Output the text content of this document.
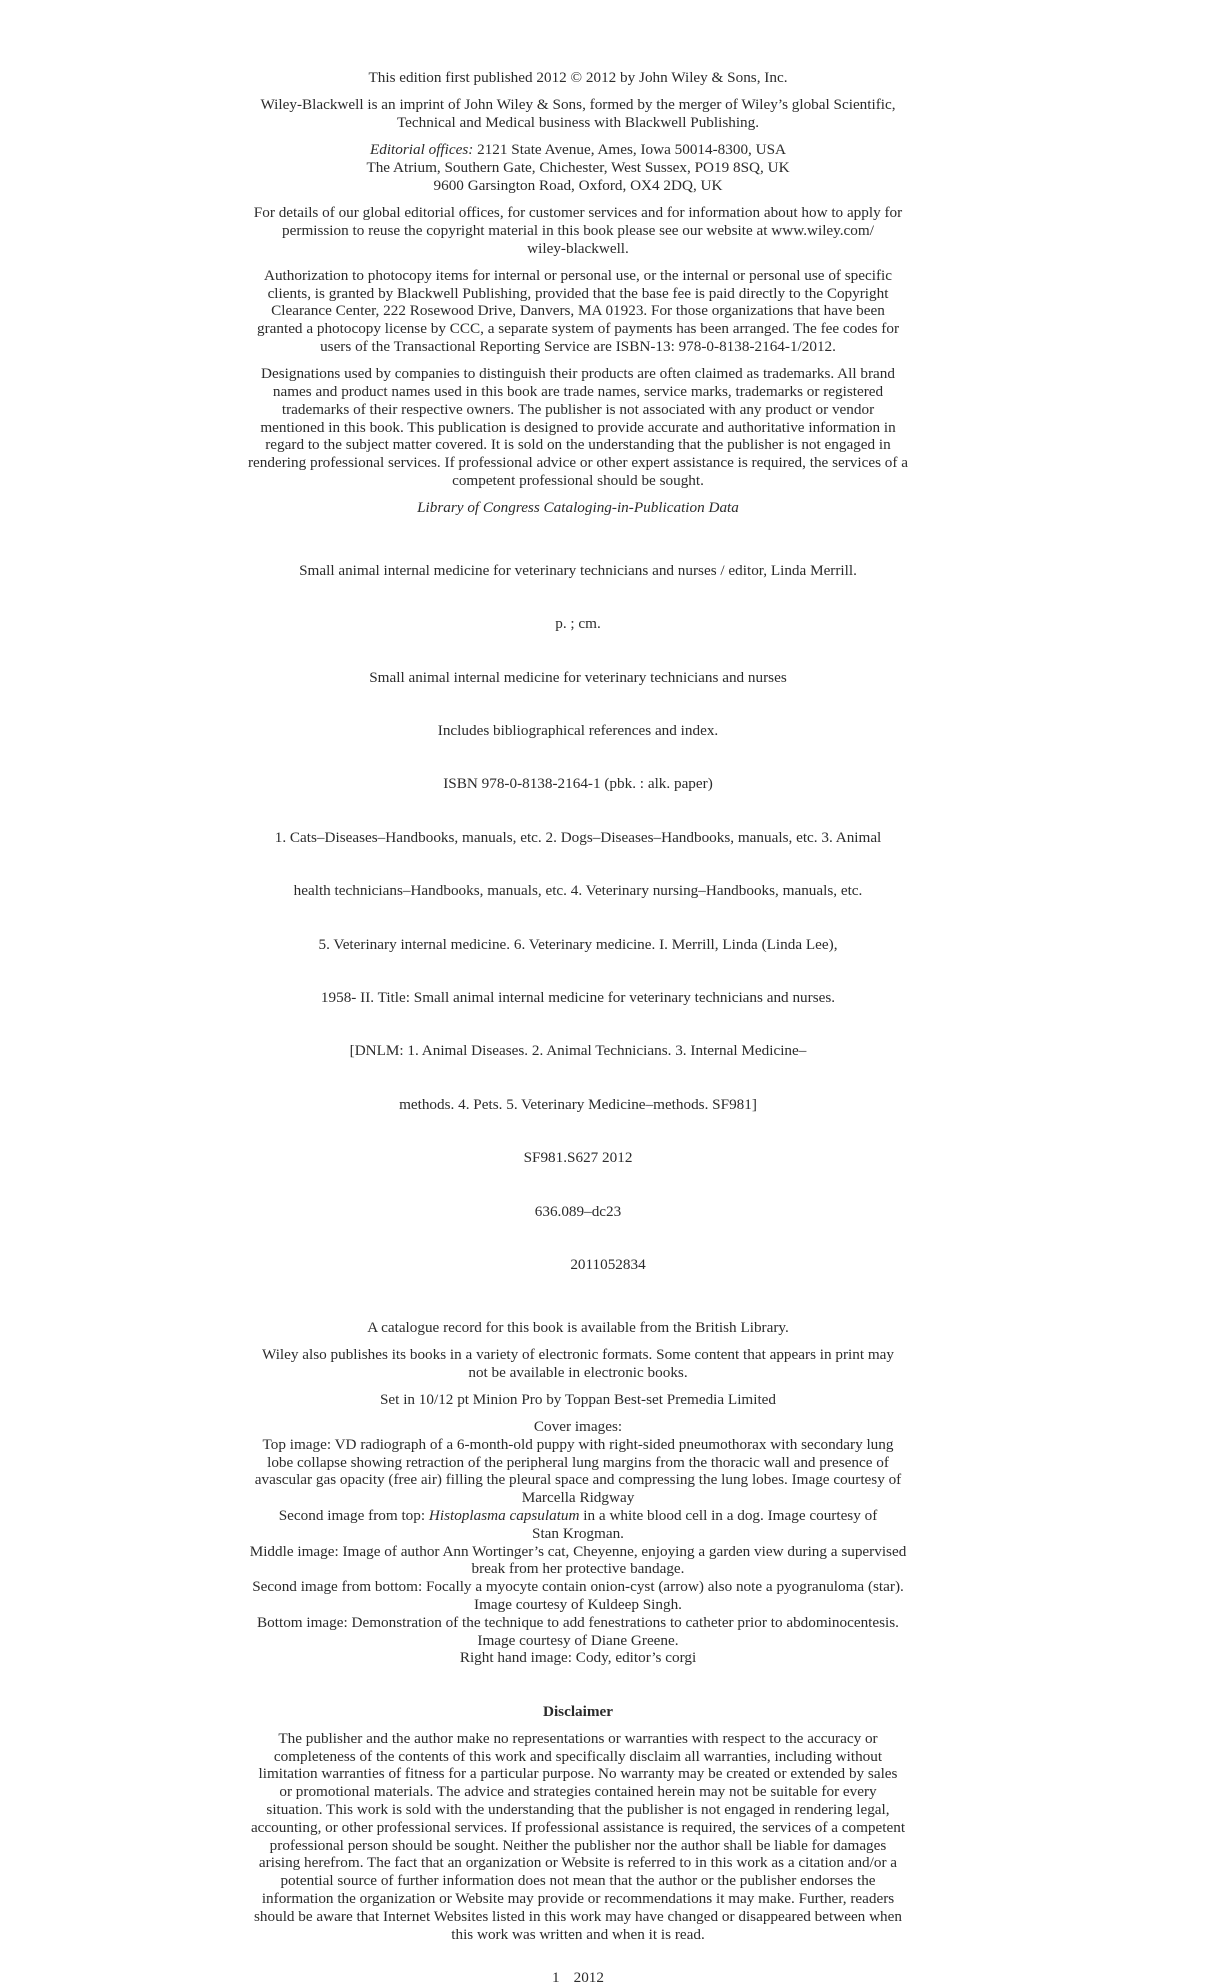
This edition first published 2012 © 2012 by John Wiley & Sons, Inc.
Wiley-Blackwell is an imprint of John Wiley & Sons, formed by the merger of Wiley’s global Scientific,
Technical and Medical business with Blackwell Publishing.
Editorial offices: 2121 State Avenue, Ames, Iowa 50014-8300, USA
The Atrium, Southern Gate, Chichester, West Sussex, PO19 8SQ, UK
9600 Garsington Road, Oxford, OX4 2DQ, UK
For details of our global editorial offices, for customer services and for information about how to apply for
permission to reuse the copyright material in this book please see our website at www.wiley.com/
wiley-blackwell.
Authorization to photocopy items for internal or personal use, or the internal or personal use of specific
clients, is granted by Blackwell Publishing, provided that the base fee is paid directly to the Copyright
Clearance Center, 222 Rosewood Drive, Danvers, MA 01923. For those organizations that have been
granted a photocopy license by CCC, a separate system of payments has been arranged. The fee codes for
users of the Transactional Reporting Service are ISBN-13: 978-0-8138-2164-1/2012.
Designations used by companies to distinguish their products are often claimed as trademarks. All brand
names and product names used in this book are trade names, service marks, trademarks or registered
trademarks of their respective owners. The publisher is not associated with any product or vendor
mentioned in this book. This publication is designed to provide accurate and authoritative information in
regard to the subject matter covered. It is sold on the understanding that the publisher is not engaged in
rendering professional services. If professional advice or other expert assistance is required, the services of a
competent professional should be sought.
Library of Congress Cataloging-in-Publication Data

Small animal internal medicine for veterinary technicians and nurses / editor, Linda Merrill.

p. ; cm.

Small animal internal medicine for veterinary technicians and nurses

Includes bibliographical references and index.

ISBN 978-0-8138-2164-1 (pbk. : alk. paper)

1. Cats–Diseases–Handbooks, manuals, etc. 2. Dogs–Diseases–Handbooks, manuals, etc. 3. Animal

health technicians–Handbooks, manuals, etc. 4. Veterinary nursing–Handbooks, manuals, etc.

5. Veterinary internal medicine. 6. Veterinary medicine. I. Merrill, Linda (Linda Lee),

1958- II. Title: Small animal internal medicine for veterinary technicians and nurses.

[DNLM: 1. Animal Diseases. 2. Animal Technicians. 3. Internal Medicine–

methods. 4. Pets. 5. Veterinary Medicine–methods. SF981]

SF981.S627 2012

636.089–dc23

2011052834

A catalogue record for this book is available from the British Library.
Wiley also publishes its books in a variety of electronic formats. Some content that appears in print may
not be available in electronic books.
Set in 10/12 pt Minion Pro by Toppan Best-set Premedia Limited
Cover images:
Top image: VD radiograph of a 6-month-old puppy with right-sided pneumothorax with secondary lung
lobe collapse showing retraction of the peripheral lung margins from the thoracic wall and presence of
avascular gas opacity (free air) filling the pleural space and compressing the lung lobes. Image courtesy of
Marcella Ridgway
Second image from top: Histoplasma capsulatum in a white blood cell in a dog. Image courtesy of
Stan Krogman.
Middle image: Image of author Ann Wortinger’s cat, Cheyenne, enjoying a garden view during a supervised
break from her protective bandage.
Second image from bottom: Focally a myocyte contain onion-cyst (arrow) also note a pyogranuloma (star).
Image courtesy of Kuldeep Singh.
Bottom image: Demonstration of the technique to add fenestrations to catheter prior to abdominocentesis.
Image courtesy of Diane Greene.
Right hand image: Cody, editor’s corgi
Disclaimer
The publisher and the author make no representations or warranties with respect to the accuracy or
completeness of the contents of this work and specifically disclaim all warranties, including without
limitation warranties of fitness for a particular purpose. No warranty may be created or extended by sales
or promotional materials. The advice and strategies contained herein may not be suitable for every
situation. This work is sold with the understanding that the publisher is not engaged in rendering legal,
accounting, or other professional services. If professional assistance is required, the services of a competent
professional person should be sought. Neither the publisher nor the author shall be liable for damages
arising herefrom. The fact that an organization or Website is referred to in this work as a citation and/or a
potential source of further information does not mean that the author or the publisher endorses the
information the organization or Website may provide or recommendations it may make. Further, readers
should be aware that Internet Websites listed in this work may have changed or disappeared between when
this work was written and when it is read.
1 2012
